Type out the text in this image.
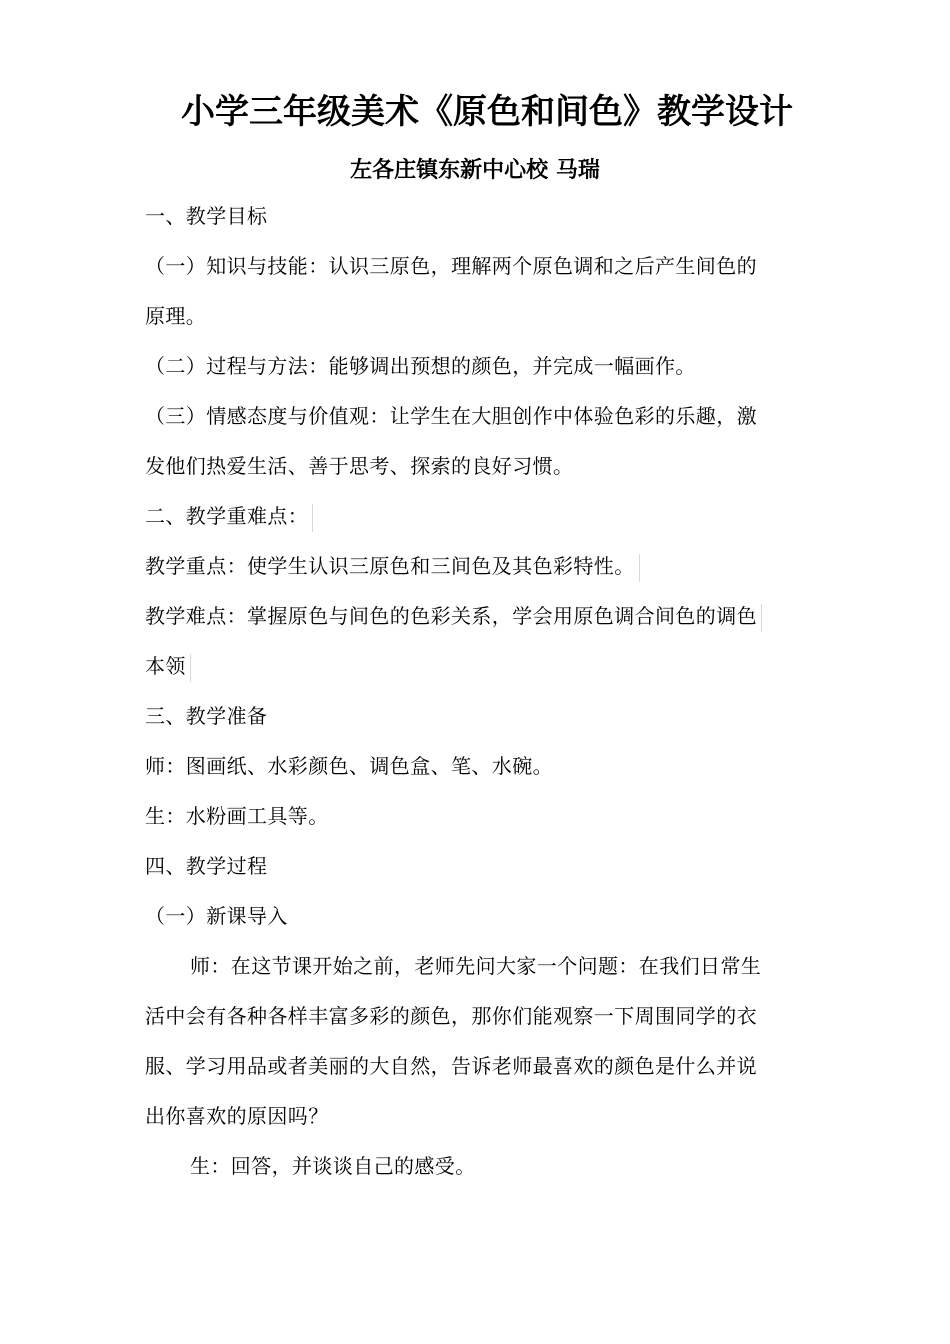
小学三年级美术《原色和间色》教学设计
左各庄镇东新中心校 马瑞
一、教学目标
（一）知识与技能：认识三原色，理解两个原色调和之后产生间色的
原理。
（二）过程与方法：能够调出预想的颜色，并完成一幅画作。
（三）情感态度与价值观：让学生在大胆创作中体验色彩的乐趣，激
发他们热爱生活、善于思考、探索的良好习惯。
二、教学重难点：
教学重点：使学生认识三原色和三间色及其色彩特性。
教学难点：掌握原色与间色的色彩关系，学会用原色调合间色的调色
本领
三、教学准备
师：图画纸、水彩颜色、调色盒、笔、水碗。
生：水粉画工具等。
四、教学过程
（一）新课导入
师：在这节课开始之前，老师先问大家一个问题：在我们日常生
活中会有各种各样丰富多彩的颜色，那你们能观察一下周围同学的衣
服、学习用品或者美丽的大自然，告诉老师最喜欢的颜色是什么并说
出你喜欢的原因吗？
生：回答，并谈谈自己的感受。
